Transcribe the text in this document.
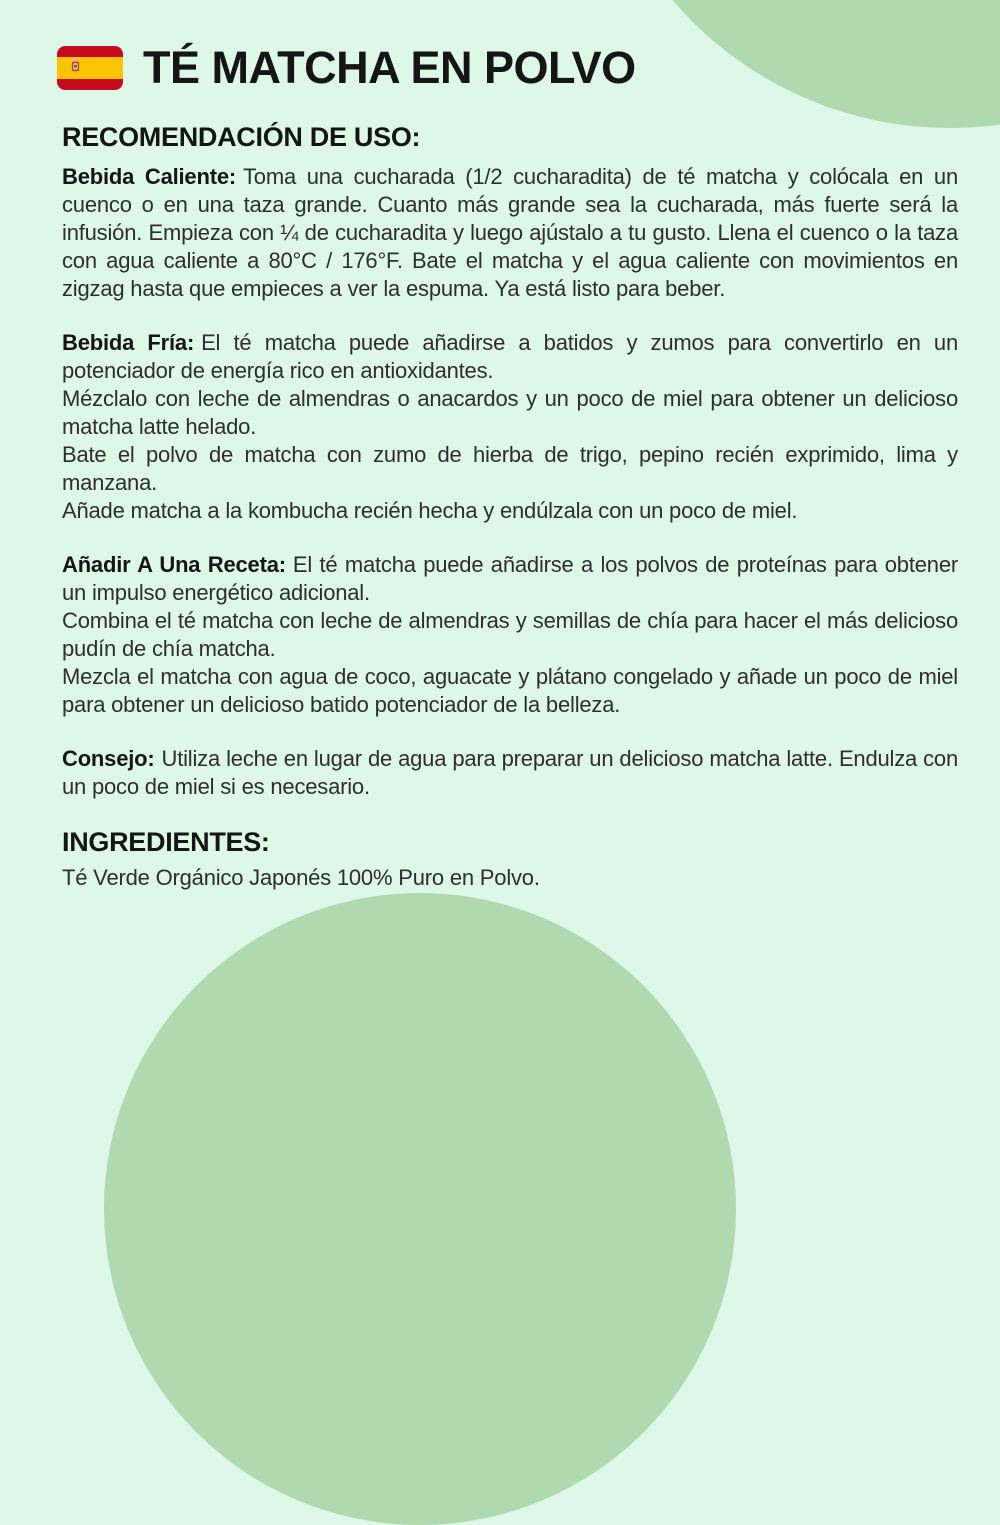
TÉ MATCHA EN POLVO
RECOMENDACIÓN DE USO:
Bebida Caliente: Toma una cucharada (1/2 cucharadita) de té matcha y colócala en un cuenco o en una taza grande. Cuanto más grande sea la cucharada, más fuerte será la infusión. Empieza con ¼ de cucharadita y luego ajústalo a tu gusto. Llena el cuenco o la taza con agua caliente a 80°C / 176°F. Bate el matcha y el agua caliente con movimientos en zigzag hasta que empieces a ver la espuma. Ya está listo para beber.
Bebida Fría: El té matcha puede añadirse a batidos y zumos para convertirlo en un potenciador de energía rico en antioxidantes.
Mézclalo con leche de almendras o anacardos y un poco de miel para obtener un delicioso matcha latte helado.
Bate el polvo de matcha con zumo de hierba de trigo, pepino recién exprimido, lima y manzana.
Añade matcha a la kombucha recién hecha y endúlzala con un poco de miel.
Añadir A Una Receta: El té matcha puede añadirse a los polvos de proteínas para obtener un impulso energético adicional.
Combina el té matcha con leche de almendras y semillas de chía para hacer el más delicioso pudín de chía matcha.
Mezcla el matcha con agua de coco, aguacate y plátano congelado y añade un poco de miel para obtener un delicioso batido potenciador de la belleza.
Consejo: Utiliza leche en lugar de agua para preparar un delicioso matcha latte. Endulza con un poco de miel si es necesario.
INGREDIENTES:
Té Verde Orgánico Japonés 100% Puro en Polvo.
